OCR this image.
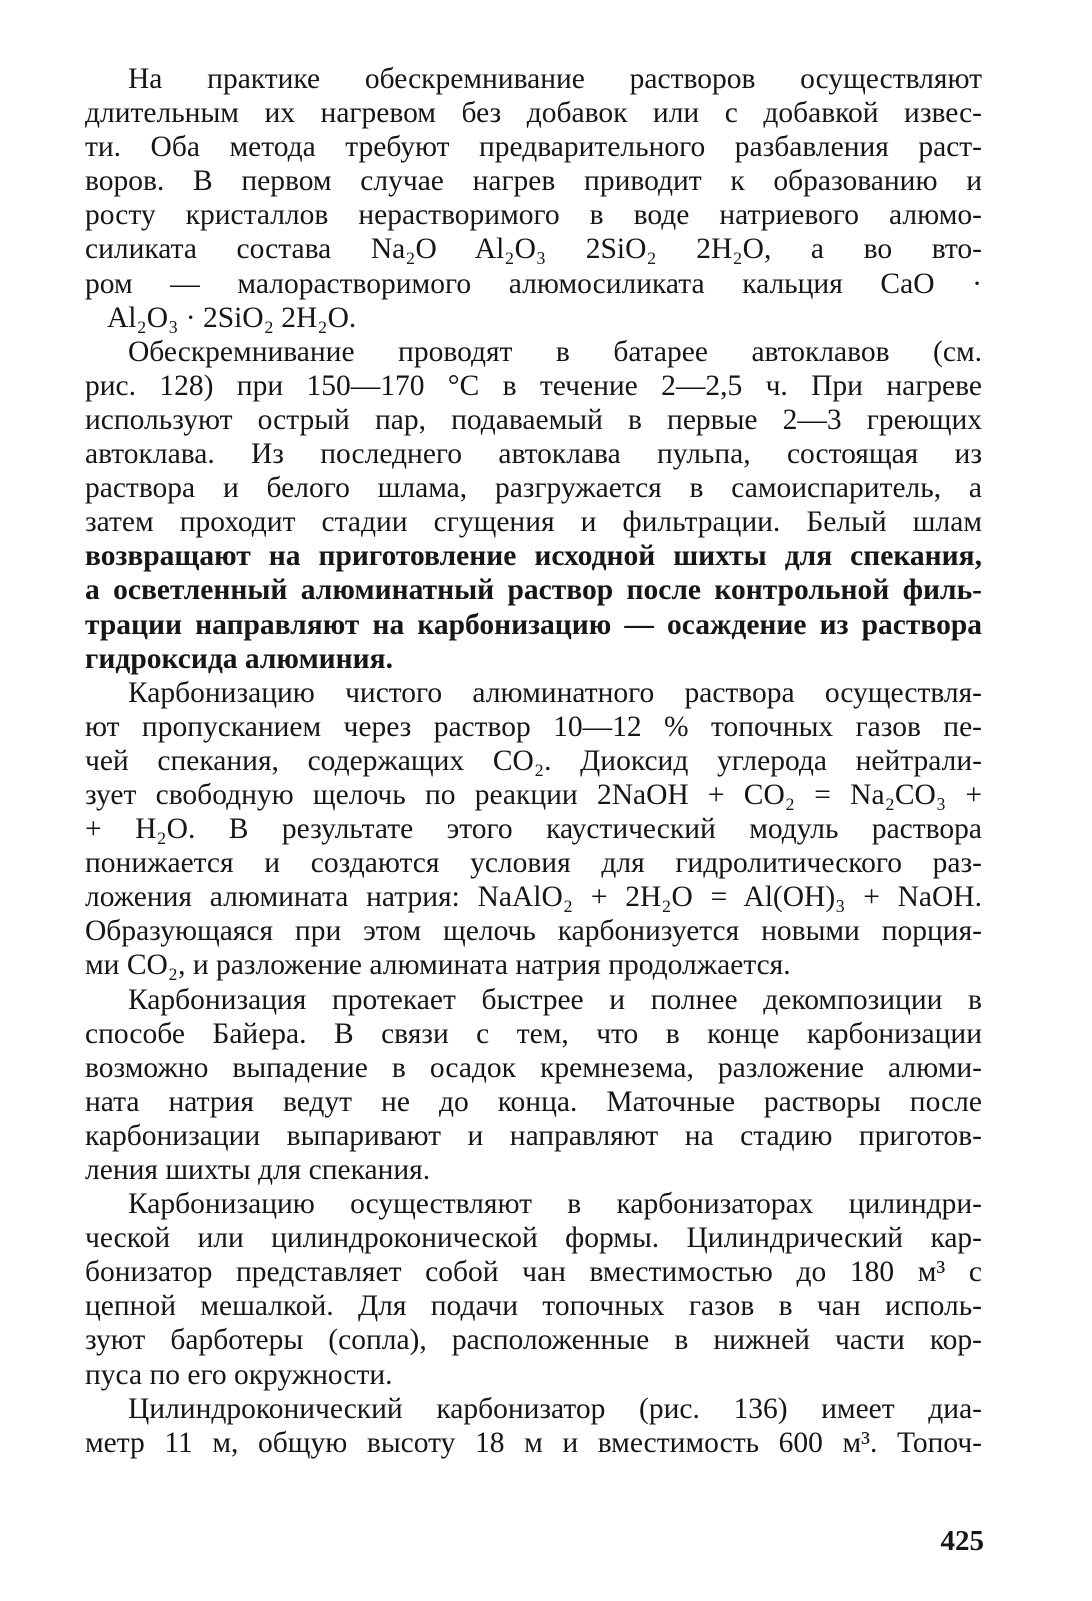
На практике обескремнивание растворов осуществляют
длительным их нагревом без добавок или с добавкой извес-
ти. Оба метода требуют предварительного разбавления раст-
воров. В первом случае нагрев приводит к образованию и
росту кристаллов нерастворимого в воде натриевого алюмо-
силиката состава Na₂O Al₂O₃ 2SiO₂ 2H₂O, а во вто-
ром — малорастворимого алюмосиликата кальция CaO ·
Al₂O₃ · 2SiO₂ 2H₂O.
Обескремнивание проводят в батарее автоклавов (см.
рис. 128) при 150—170 °C в течение 2—2,5 ч. При нагреве
используют острый пар, подаваемый в первые 2—3 греющих
автоклава. Из последнего автоклава пульпа, состоящая из
раствора и белого шлама, разгружается в самоиспаритель, а
затем проходит стадии сгущения и фильтрации. Белый шлам
возвращают на приготовление исходной шихты для спекания,
а осветленный алюминатный раствор после контрольной филь-
трации направляют на карбонизацию — осаждение из раствора
гидроксида алюминия.
Карбонизацию чистого алюминатного раствора осуществля-
ют пропусканием через раствор 10—12 % топочных газов пе-
чей спекания, содержащих CO₂. Диоксид углерода нейтрали-
зует свободную щелочь по реакции 2NaOH + CO₂ = Na₂CO₃ +
+ H₂O. В результате этого каустический модуль раствора
понижается и создаются условия для гидролитического раз-
ложения алюмината натрия: NaAlO₂ + 2H₂O = Al(OH)₃ + NaOH.
Образующаяся при этом щелочь карбонизуется новыми порция-
ми CO₂, и разложение алюмината натрия продолжается.
Карбонизация протекает быстрее и полнее декомпозиции в
способе Байера. В связи с тем, что в конце карбонизации
возможно выпадение в осадок кремнезема, разложение алюми-
ната натрия ведут не до конца. Маточные растворы после
карбонизации выпаривают и направляют на стадию приготов-
ления шихты для спекания.
Карбонизацию осуществляют в карбонизаторах цилиндри-
ческой или цилиндроконической формы. Цилиндрический кар-
бонизатор представляет собой чан вместимостью до 180 м³ с
цепной мешалкой. Для подачи топочных газов в чан исполь-
зуют барботеры (сопла), расположенные в нижней части кор-
пуса по его окружности.
Цилиндроконический карбонизатор (рис. 136) имеет диа-
метр 11 м, общую высоту 18 м и вместимость 600 м³. Топоч-
425
